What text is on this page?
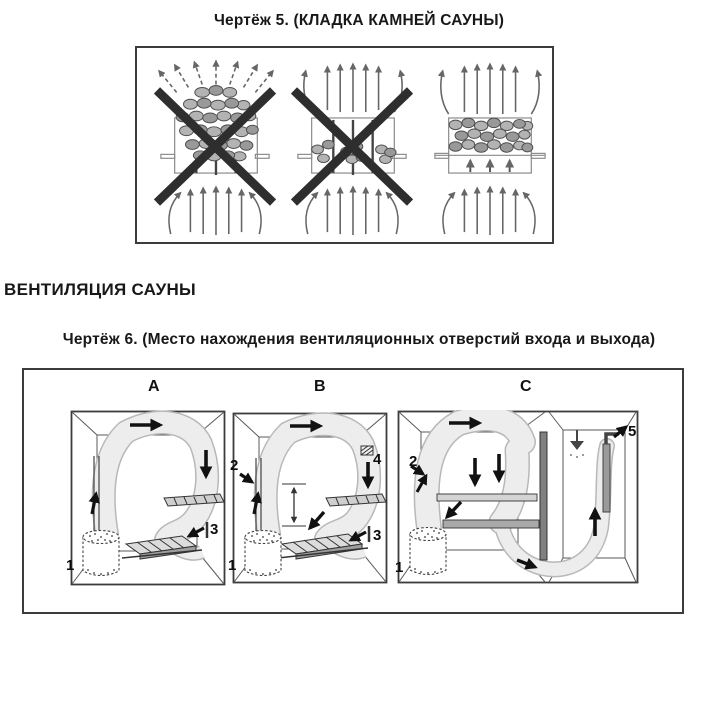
Чертёж 5. (КЛАДКА КАМНЕЙ САУНЫ)
ВЕНТИЛЯЦИЯ САУНЫ
Чертёж 6. (Место нахождения вентиляционных отверстий входа и выхода)
A	B	C
1
3
2
1
4
3
1
2
5
